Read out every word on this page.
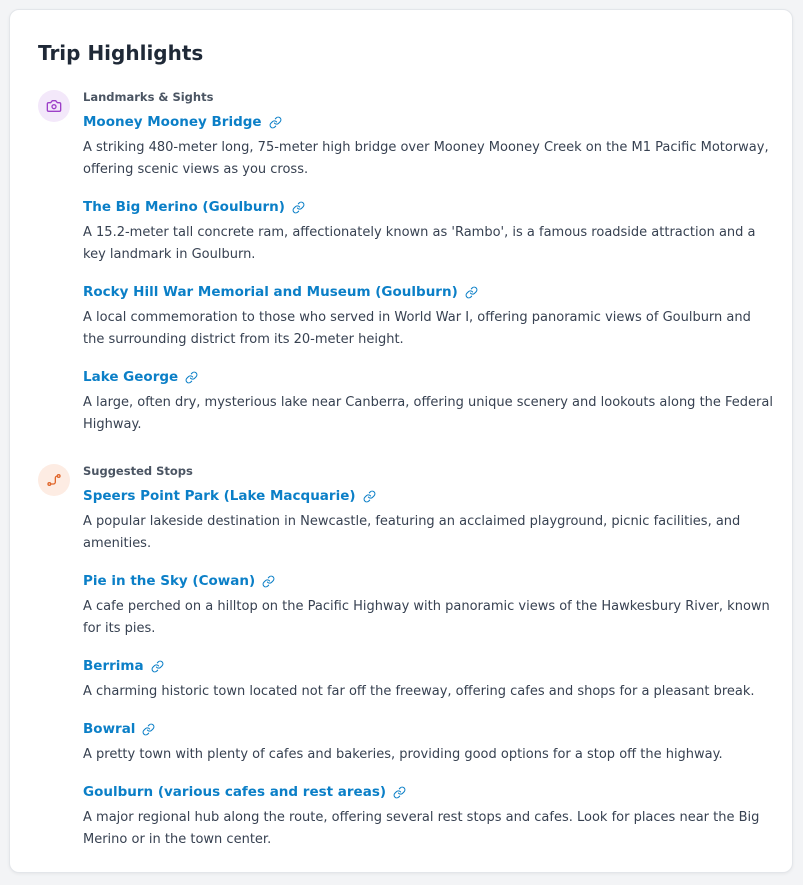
Trip Highlights
Landmarks & Sights
Mooney Mooney Bridge

A striking 480-meter long, 75-meter high bridge over Mooney Mooney Creek on the M1 Pacific Motorway, offering scenic views as you cross.

The Big Merino (Goulburn)

A 15.2-meter tall concrete ram, affectionately known as 'Rambo', is a famous roadside attraction and a key landmark in Goulburn.

Rocky Hill War Memorial and Museum (Goulburn)

A local commemoration to those who served in World War I, offering panoramic views of Goulburn and the surrounding district from its 20-meter height.

Lake George

A large, often dry, mysterious lake near Canberra, offering unique scenery and lookouts along the Federal Highway.

Suggested Stops
Speers Point Park (Lake Macquarie)

A popular lakeside destination in Newcastle, featuring an acclaimed playground, picnic facilities, and amenities.

Pie in the Sky (Cowan)

A cafe perched on a hilltop on the Pacific Highway with panoramic views of the Hawkesbury River, known for its pies.

Berrima

A charming historic town located not far off the freeway, offering cafes and shops for a pleasant break.

Bowral

A pretty town with plenty of cafes and bakeries, providing good options for a stop off the highway.

Goulburn (various cafes and rest areas)

A major regional hub along the route, offering several rest stops and cafes. Look for places near the Big Merino or in the town center.
